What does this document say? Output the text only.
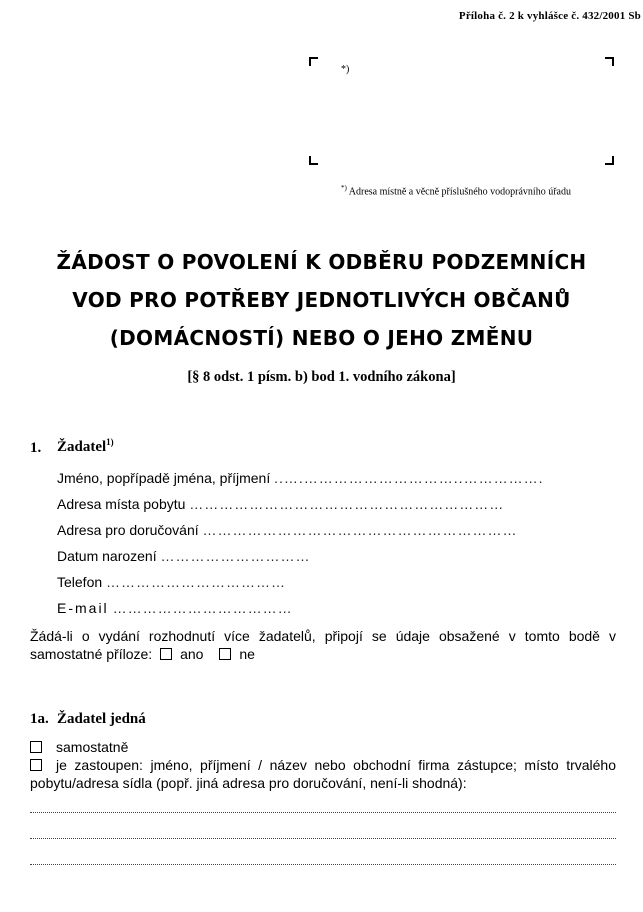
Příloha č. 2 k vyhlášce č. 432/2001 Sb
*)
*) Adresa místně a věcně příslušného vodoprávního úřadu
ŽÁDOST O POVOLENÍ K ODBĚRU PODZEMNÍCH
VOD PRO POTŘEBY JEDNOTLIVÝCH OBČANŮ
(DOMÁCNOSTÍ) NEBO O JEHO ZMĚNU
[§ 8 odst. 1 písm. b) bod 1. vodního zákona]
1. Žadatel$^{1)}$
Jméno, popřípadě jména, příjmení ..….…………………………..…………….
Adresa místa pobytu ………………………………………………………
Adresa pro doručování ………………………………………………………
Datum narození …………………………
Telefon ………………………………
E-mail ………………………………
Žádá-li o vydání rozhodnutí více žadatelů, připojí se údaje obsažené v tomto bodě v samostatné příloze: ano	ne
1a. Žadatel jedná
samostatně
je zastoupen: jméno, příjmení / název nebo obchodní firma zástupce; místo trvalého pobytu/adresa sídla (popř. jiná adresa pro doručování, není-li shodná):
